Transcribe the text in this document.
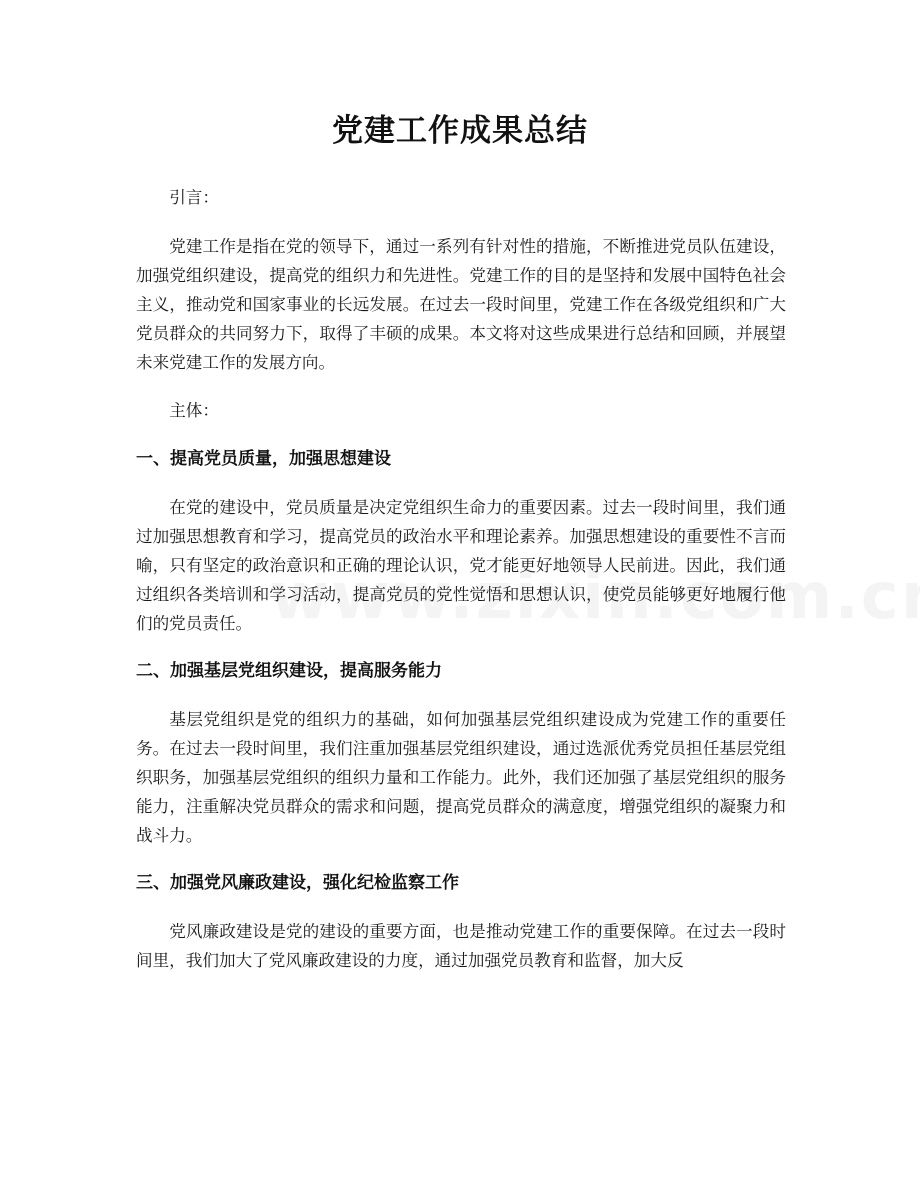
党建工作成果总结

引言：

党建工作是指在党的领导下，通过一系列有针对性的措施，不断推进党员队伍建设，加强党组织建设，提高党的组织力和先进性。党建工作的目的是坚持和发展中国特色社会主义，推动党和国家事业的长远发展。在过去一段时间里，党建工作在各级党组织和广大党员群众的共同努力下，取得了丰硕的成果。本文将对这些成果进行总结和回顾，并展望未来党建工作的发展方向。

主体：

一、提高党员质量，加强思想建设

在党的建设中，党员质量是决定党组织生命力的重要因素。过去一段时间里，我们通过加强思想教育和学习，提高党员的政治水平和理论素养。加强思想建设的重要性不言而喻，只有坚定的政治意识和正确的理论认识，党才能更好地领导人民前进。因此，我们通过组织各类培训和学习活动，提高党员的党性觉悟和思想认识，使党员能够更好地履行他们的党员责任。

二、加强基层党组织建设，提高服务能力

基层党组织是党的组织力的基础，如何加强基层党组织建设成为党建工作的重要任务。在过去一段时间里，我们注重加强基层党组织建设，通过选派优秀党员担任基层党组织职务，加强基层党组织的组织力量和工作能力。此外，我们还加强了基层党组织的服务能力，注重解决党员群众的需求和问题，提高党员群众的满意度，增强党组织的凝聚力和战斗力。

三、加强党风廉政建设，强化纪检监察工作

党风廉政建设是党的建设的重要方面，也是推动党建工作的重要保障。在过去一段时间里，我们加大了党风廉政建设的力度，通过加强党员教育和监督，加大反
